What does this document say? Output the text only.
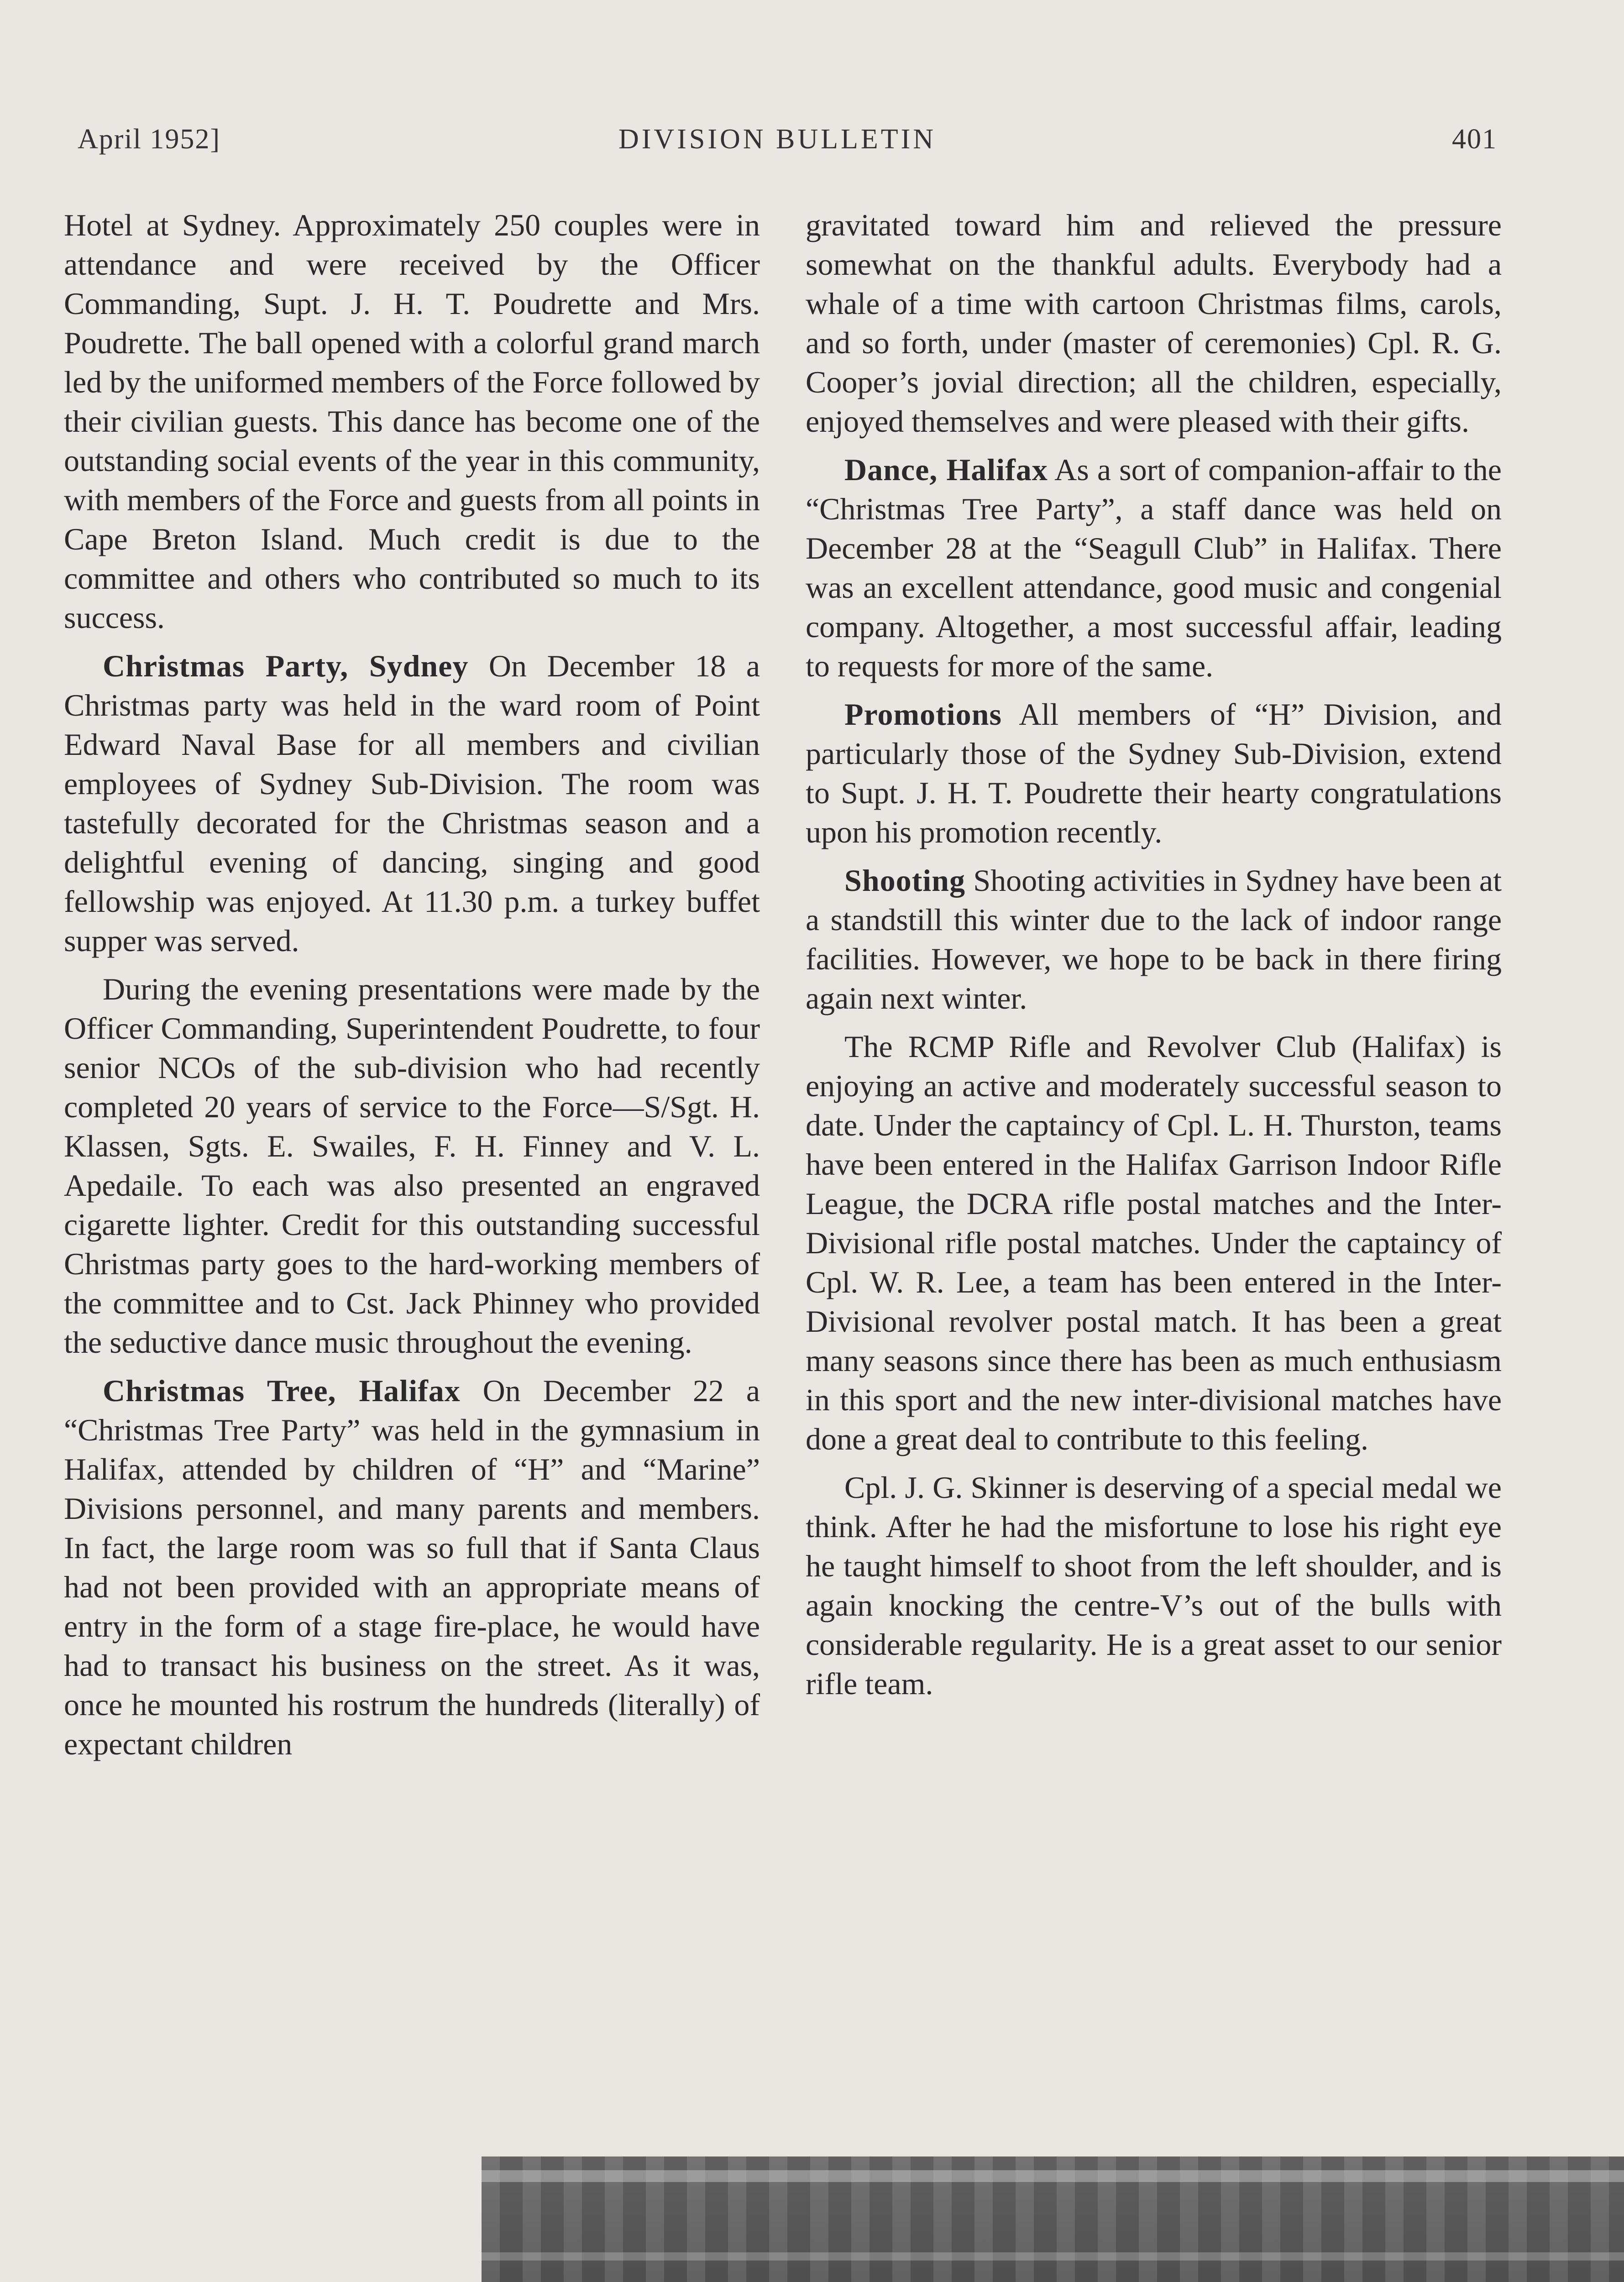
April 1952]	DIVISION BULLETIN	401

Hotel at Sydney. Approximately 250 couples were in attendance and were received by the Officer Commanding, Supt. J. H. T. Poudrette and Mrs. Poudrette. The ball opened with a colorful grand march led by the uniformed members of the Force followed by their civilian guests. This dance has become one of the outstanding social events of the year in this community, with members of the Force and guests from all points in Cape Breton Island. Much credit is due to the committee and others who contributed so much to its success.

Christmas Party, Sydney On December 18 a Christmas party was held in the ward room of Point Edward Naval Base for all members and civilian employees of Sydney Sub-Division. The room was tastefully decorated for the Christmas season and a delightful evening of dancing, singing and good fellowship was enjoyed. At 11.30 p.m. a turkey buffet supper was served.

During the evening presentations were made by the Officer Commanding, Superintendent Poudrette, to four senior NCOs of the sub-division who had recently completed 20 years of service to the Force—S/Sgt. H. Klassen, Sgts. E. Swailes, F. H. Finney and V. L. Apedaile. To each was also presented an engraved cigarette lighter. Credit for this outstanding successful Christmas party goes to the hard-working members of the committee and to Cst. Jack Phinney who provided the seductive dance music throughout the evening.

Christmas Tree, Halifax On December 22 a “Christmas Tree Party” was held in the gymnasium in Halifax, attended by children of “H” and “Marine” Divisions personnel, and many parents and members. In fact, the large room was so full that if Santa Claus had not been provided with an appropriate means of entry in the form of a stage fire-place, he would have had to transact his business on the street. As it was, once he mounted his rostrum the hundreds (literally) of expectant children

gravitated toward him and relieved the pressure somewhat on the thankful adults. Everybody had a whale of a time with cartoon Christmas films, carols, and so forth, under (master of ceremonies) Cpl. R. G. Cooper’s jovial direction; all the children, especially, enjoyed themselves and were pleased with their gifts.

Dance, Halifax As a sort of companion-affair to the “Christmas Tree Party”, a staff dance was held on December 28 at the “Seagull Club” in Halifax. There was an excellent attendance, good music and congenial company. Altogether, a most successful affair, leading to requests for more of the same.

Promotions All members of “H” Division, and particularly those of the Sydney Sub-Division, extend to Supt. J. H. T. Poudrette their hearty congratulations upon his promotion recently.

Shooting Shooting activities in Sydney have been at a standstill this winter due to the lack of indoor range facilities. However, we hope to be back in there firing again next winter.

The RCMP Rifle and Revolver Club (Halifax) is enjoying an active and moderately successful season to date. Under the captaincy of Cpl. L. H. Thurston, teams have been entered in the Halifax Garrison Indoor Rifle League, the DCRA rifle postal matches and the Inter-Divisional rifle postal matches. Under the captaincy of Cpl. W. R. Lee, a team has been entered in the Inter-Divisional revolver postal match. It has been a great many seasons since there has been as much enthusiasm in this sport and the new inter-divisional matches have done a great deal to contribute to this feeling.

Cpl. J. G. Skinner is deserving of a special medal we think. After he had the misfortune to lose his right eye he taught himself to shoot from the left shoulder, and is again knocking the centre-V’s out of the bulls with considerable regularity. He is a great asset to our senior rifle team.
